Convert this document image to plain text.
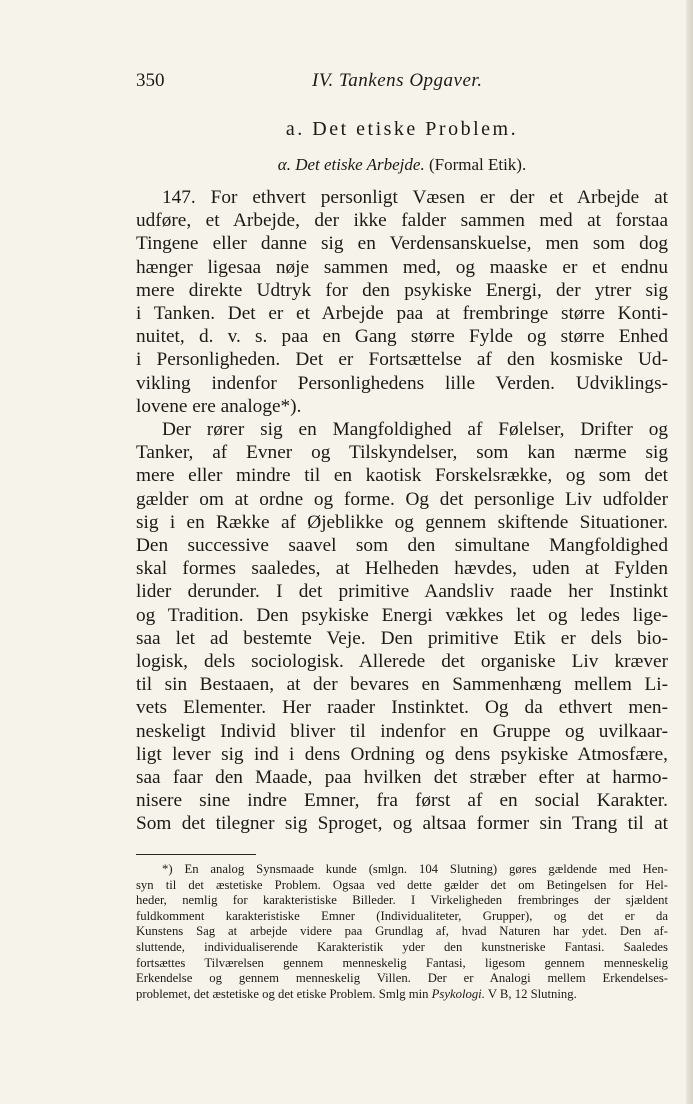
350	IV. Tankens Opgaver.
a. Det etiske Problem.
α. Det etiske Arbejde. (Formal Etik).
147. For ethvert personligt Væsen er der et Arbejde at
udføre, et Arbejde, der ikke falder sammen med at forstaa
Tingene eller danne sig en Verdensanskuelse, men som dog
hænger ligesaa nøje sammen med, og maaske er et endnu
mere direkte Udtryk for den psykiske Energi, der ytrer sig
i Tanken. Det er et Arbejde paa at frembringe større Konti-
nuitet, d. v. s. paa en Gang større Fylde og større Enhed
i Personligheden. Det er Fortsættelse af den kosmiske Ud-
vikling indenfor Personlighedens lille Verden. Udviklings-
lovene ere analoge*).
Der rører sig en Mangfoldighed af Følelser, Drifter og
Tanker, af Evner og Tilskyndelser, som kan nærme sig
mere eller mindre til en kaotisk Forskelsrække, og som det
gælder om at ordne og forme. Og det personlige Liv udfolder
sig i en Række af Øjeblikke og gennem skiftende Situationer.
Den successive saavel som den simultane Mangfoldighed
skal formes saaledes, at Helheden hævdes, uden at Fylden
lider derunder. I det primitive Aandsliv raade her Instinkt
og Tradition. Den psykiske Energi vækkes let og ledes lige-
saa let ad bestemte Veje. Den primitive Etik er dels bio-
logisk, dels sociologisk. Allerede det organiske Liv kræver
til sin Bestaaen, at der bevares en Sammenhæng mellem Li-
vets Elementer. Her raader Instinktet. Og da ethvert men-
neskeligt Individ bliver til indenfor en Gruppe og uvilkaar-
ligt lever sig ind i dens Ordning og dens psykiske Atmosfære,
saa faar den Maade, paa hvilken det stræber efter at harmo-
nisere sine indre Emner, fra først af en social Karakter.
Som det tilegner sig Sproget, og altsaa former sin Trang til at
*) En analog Synsmaade kunde (smlgn. 104 Slutning) gøres gældende med Hen-
syn til det æstetiske Problem. Ogsaa ved dette gælder det om Betingelsen for Hel-
heder, nemlig for karakteristiske Billeder. I Virkeligheden frembringes der sjældent
fuldkomment karakteristiske Emner (Individualiteter, Grupper), og det er da
Kunstens Sag at arbejde videre paa Grundlag af, hvad Naturen har ydet. Den af-
sluttende, individualiserende Karakteristik yder den kunstneriske Fantasi. Saaledes
fortsættes Tilværelsen gennem menneskelig Fantasi, ligesom gennem menneskelig
Erkendelse og gennem menneskelig Villen. Der er Analogi mellem Erkendelses-
problemet, det æstetiske og det etiske Problem. Smlg min Psykologi. V B, 12 Slutning.
